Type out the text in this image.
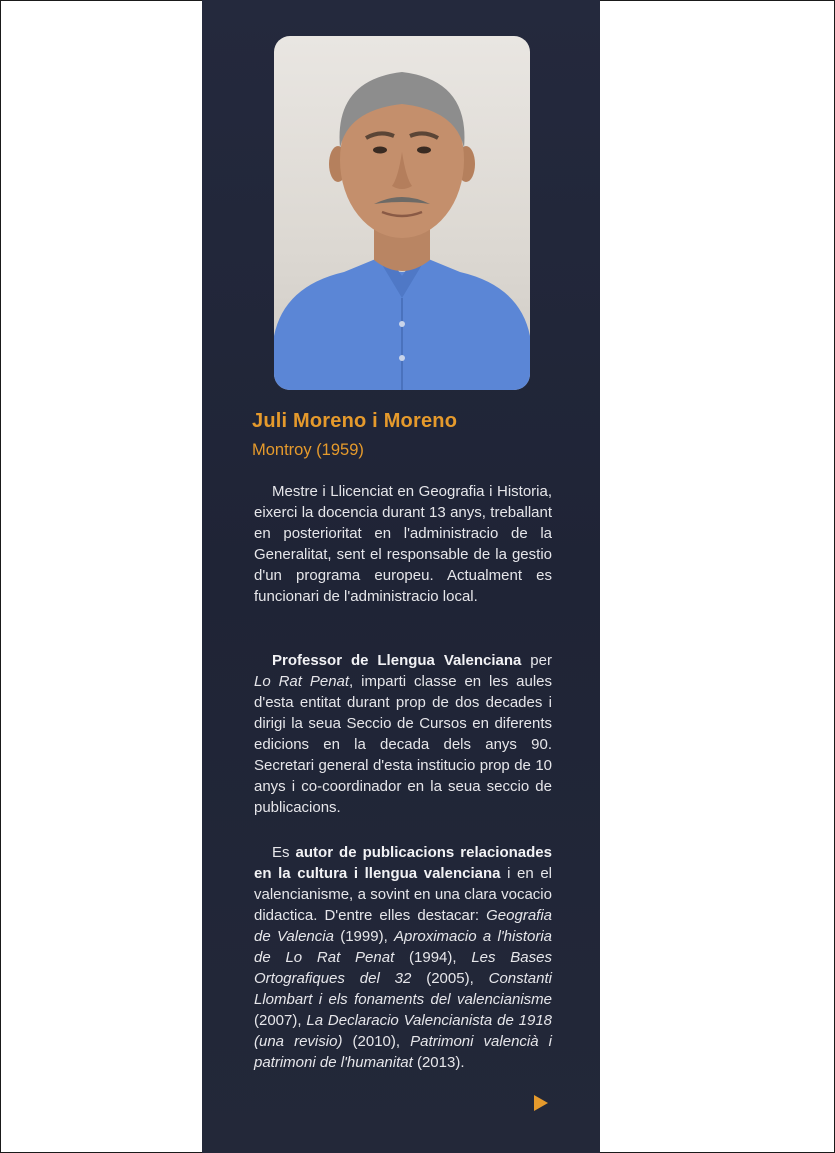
Juli Moreno i Moreno
Montroy (1959)
Mestre i Llicenciat en Geografia i Historia, eixerci la docencia durant 13 anys, treballant en posterioritat en l'administracio de la Generalitat, sent el responsable de la gestio d'un programa europeu. Actualment es funcionari de l'administracio local.
Professor de Llengua Valenciana per Lo Rat Penat, imparti classe en les aules d'esta entitat durant prop de dos decades i dirigi la seua Seccio de Cursos en diferents edicions en la decada dels anys 90. Secretari general d'esta institucio prop de 10 anys i co-coordinador en la seua seccio de publicacions.
Es autor de publicacions relacionades en la cultura i llengua valenciana i en el valencianisme, a sovint en una clara vocacio didactica. D'entre elles destacar: Geografia de Valencia (1999), Aproximacio a l'historia de Lo Rat Penat (1994), Les Bases Ortografiques del 32 (2005), Constanti Llombart i els fonaments del valencianisme (2007), La Declaracio Valencianista de 1918 (una revisio) (2010), Patrimoni valencià i patrimoni de l'humanitat (2013).
